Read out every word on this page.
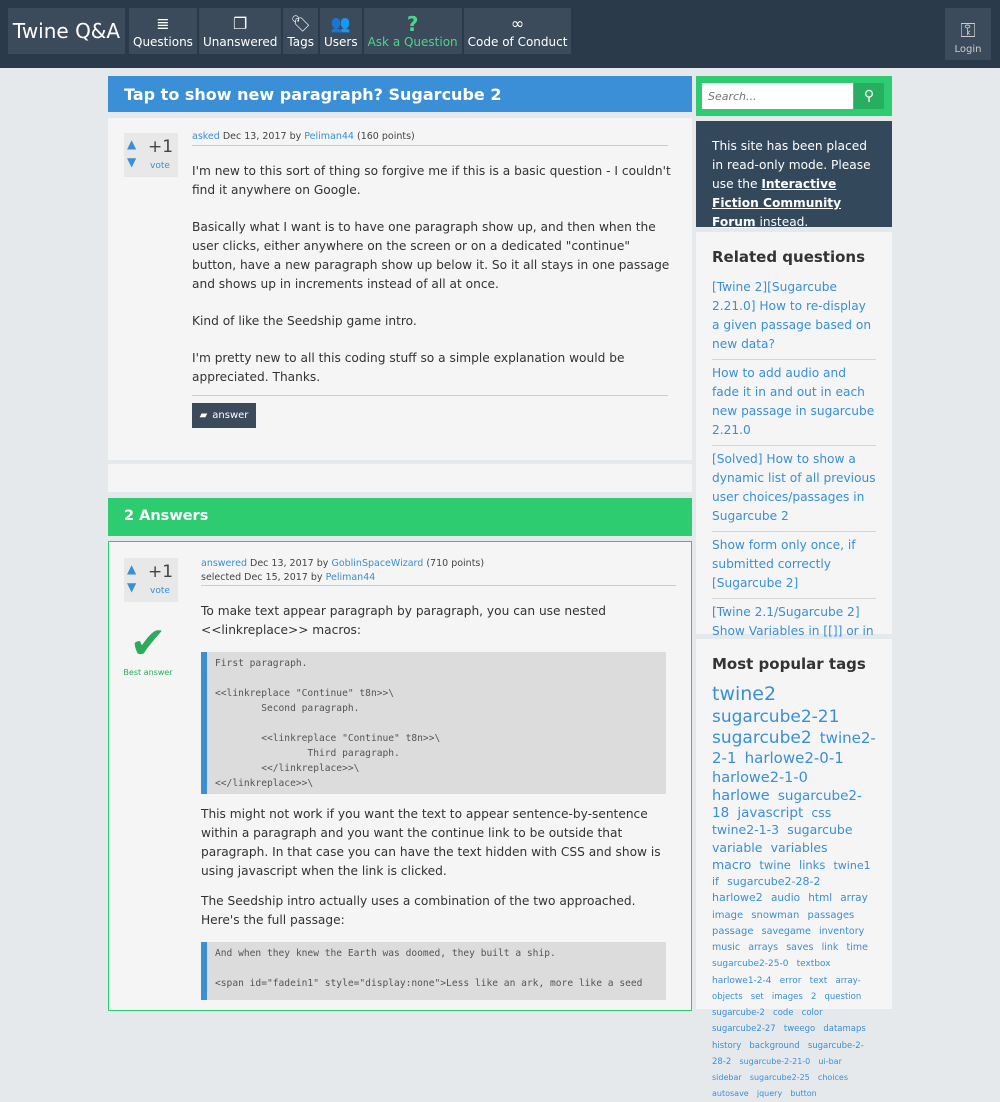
Twine Q&A	≣
Questions
❐
Unanswered
🏷
Tags
👥
Users
?
Ask a Question
∞
Code of Conduct	⚿
Login
Tap to show new paragraph? Sugarcube 2
▲
▼
+1
vote
asked Dec 13, 2017 by Peliman44 (160 points)

I'm new to this sort of thing so forgive me if this is a basic question - I couldn't find it anywhere on Google.

Basically what I want is to have one paragraph show up, and then when the user clicks, either anywhere on the screen or on a dedicated "continue" button, have a new paragraph show up below it. So it all stays in one passage and shows up in increments instead of all at once.

Kind of like the Seedship game intro.

I'm pretty new to all this coding stuff so a simple explanation would be appreciated. Thanks.

▰ answer
2 Answers
▲
▼
+1
vote
✔
Best answer
answered Dec 13, 2017 by GoblinSpaceWizard (710 points)
selected Dec 15, 2017 by Peliman44
To make text appear paragraph by paragraph, you can use nested <<linkreplace>> macros:
First paragraph.

<<linkreplace "Continue" t8n>>\
Second paragraph.

<<linkreplace "Continue" t8n>>\
Third paragraph.
<</linkreplace>>\
<</linkreplace>>\
This might not work if you want the text to appear sentence-by-sentence within a paragraph and you want the continue link to be outside that paragraph. In that case you can have the text hidden with CSS and show is using javascript when the link is clicked.
The Seedship intro actually uses a combination of the two approached. Here's the full passage:
And when they knew the Earth was doomed, they built a ship.

<span id="fadein1" style="display:none">Less like an ark, more like a seed
Search...
⚲
This site has been placed in read-only mode. Please use the Interactive Fiction Community Forum instead.
Related questions
[Twine 2][Sugarcube 2.21.0] How to re-display a given passage based on new data?
How to add audio and fade it in and out in each new passage in sugarcube 2.21.0
[Solved] How to show a dynamic list of all previous user choices/passages in Sugarcube 2
Show form only once, if submitted correctly [Sugarcube 2]
[Twine 2.1/Sugarcube 2] Show Variables in [[]] or in
Most popular tags
twine2 sugarcube2-21 sugarcube2 twine2-2-1 harlowe2-0-1 harlowe2-1-0 harlowe sugarcube2-18 javascript css twine2-1-3 sugarcube variable variables macro twine links twine1 if sugarcube2-28-2 harlowe2 audio html array image snowman passages passage savegame inventory music arrays saves link time sugarcube2-25-0 textbox harlowe1-2-4 error text array-objects set images 2 question sugarcube-2 code color sugarcube2-27 tweego datamaps history background sugarcube-2-28-2 sugarcube-2-21-0 ui-bar sidebar sugarcube2-25 choices autosave jquery button
